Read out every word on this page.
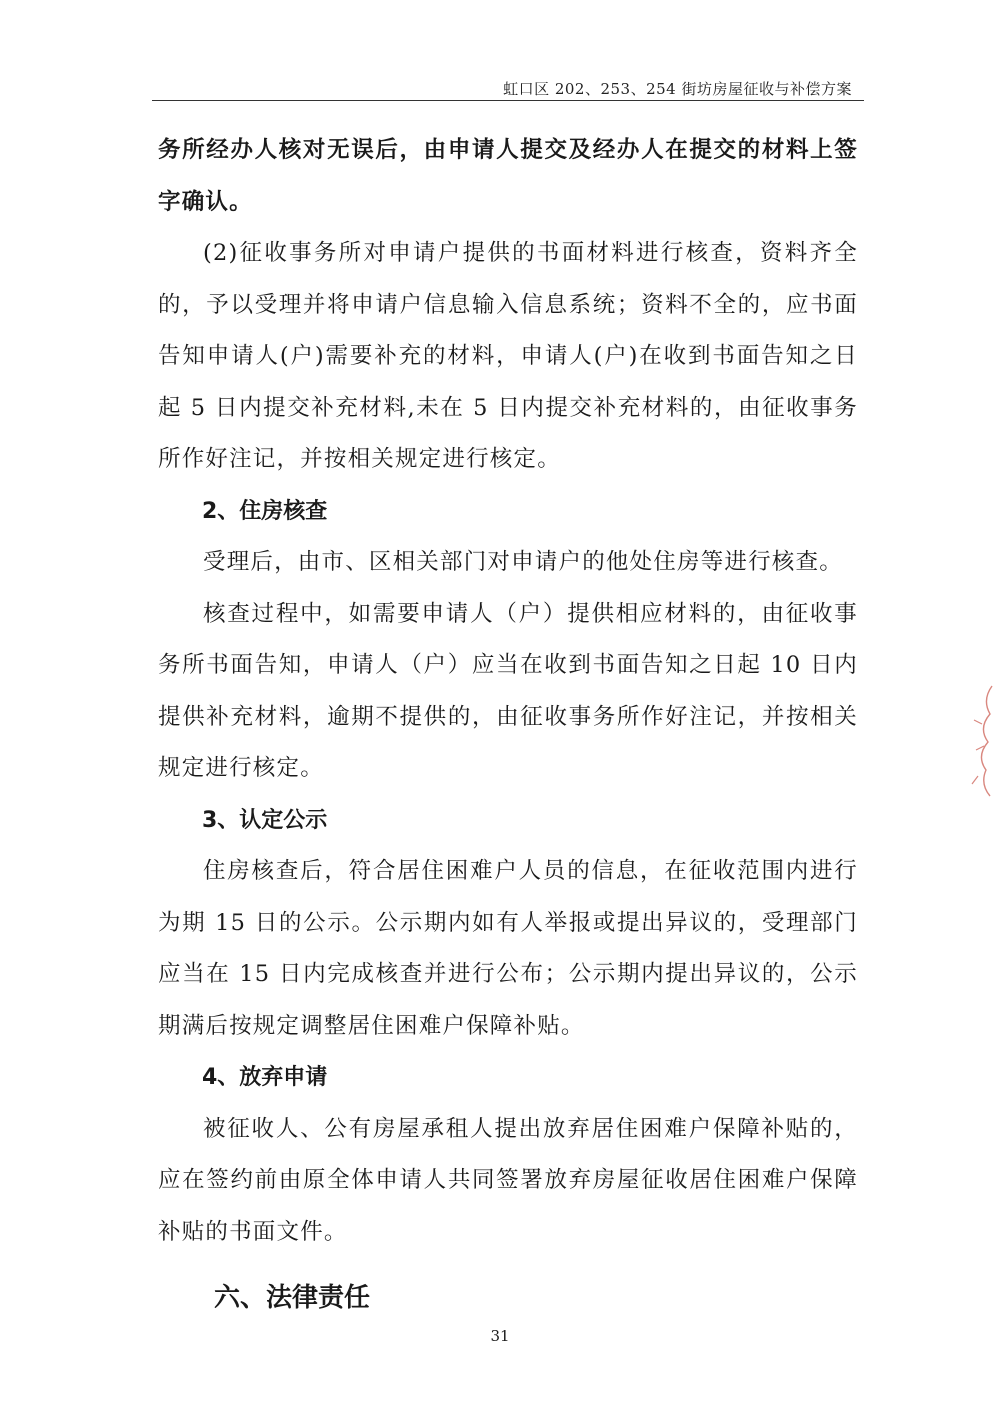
虹口区 202、253、254 街坊房屋征收与补偿方案

务所经办人核对无误后，由申请人提交及经办人在提交的材料上签字确认。

(2)征收事务所对申请户提供的书面材料进行核查，资料齐全的，予以受理并将申请户信息输入信息系统；资料不全的，应书面告知申请人(户)需要补充的材料，申请人(户)在收到书面告知之日起 5 日内提交补充材料,未在 5 日内提交补充材料的，由征收事务所作好注记，并按相关规定进行核定。

2、住房核查

受理后，由市、区相关部门对申请户的他处住房等进行核查。

核查过程中，如需要申请人（户）提供相应材料的，由征收事务所书面告知，申请人（户）应当在收到书面告知之日起 10 日内提供补充材料，逾期不提供的，由征收事务所作好注记，并按相关规定进行核定。

3、认定公示

住房核查后，符合居住困难户人员的信息，在征收范围内进行为期 15 日的公示。公示期内如有人举报或提出异议的，受理部门应当在 15 日内完成核查并进行公布；公示期内提出异议的，公示期满后按规定调整居住困难户保障补贴。

4、放弃申请

被征收人、公有房屋承租人提出放弃居住困难户保障补贴的，应在签约前由原全体申请人共同签署放弃房屋征收居住困难户保障补贴的书面文件。

六、法律责任
31
